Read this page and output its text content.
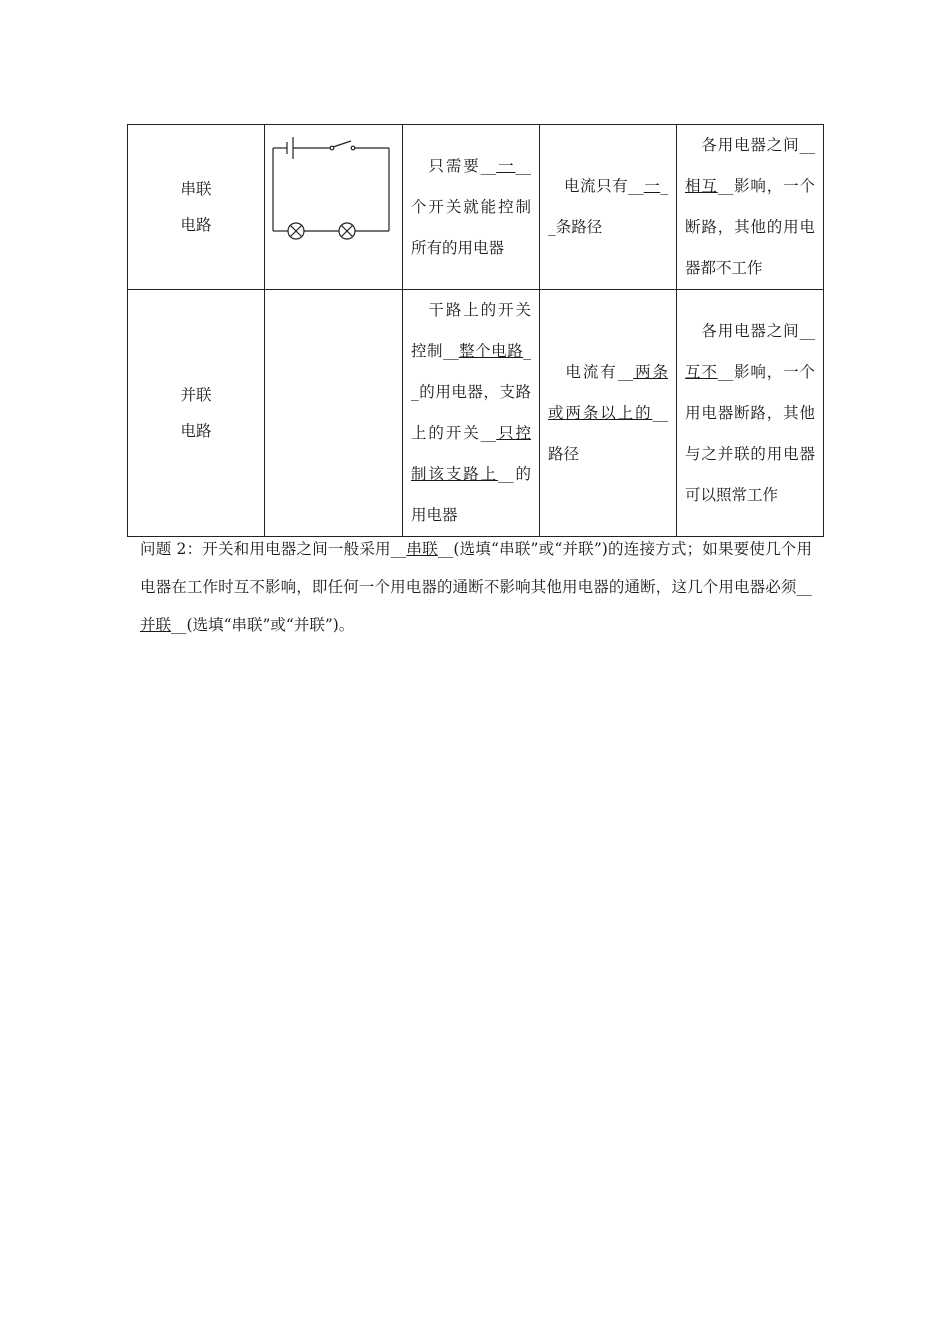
串联
电路
		 只需要__一__个开关就能控制所有的用电器	 电流只有__一__条路径	 各用电器之间__相互__影响，一个断路，其他的用电器都不工作

并联
电路
		 干路上的开关控制__整个电路__的用电器，支路上的开关__只控制该支路上__的用电器	 电流有__两条或两条以上的__路径	 各用电器之间__互不__影响，一个用电器断路，其他与之并联的用电器可以照常工作
问题 2：开关和用电器之间一般采用__串联__(选填“串联”或“并联”)的连接方式；如果要使几个用电器在工作时互不影响，即任何一个用电器的通断不影响其他用电器的通断，这几个用电器必须__并联__(选填“串联”或“并联”)。
